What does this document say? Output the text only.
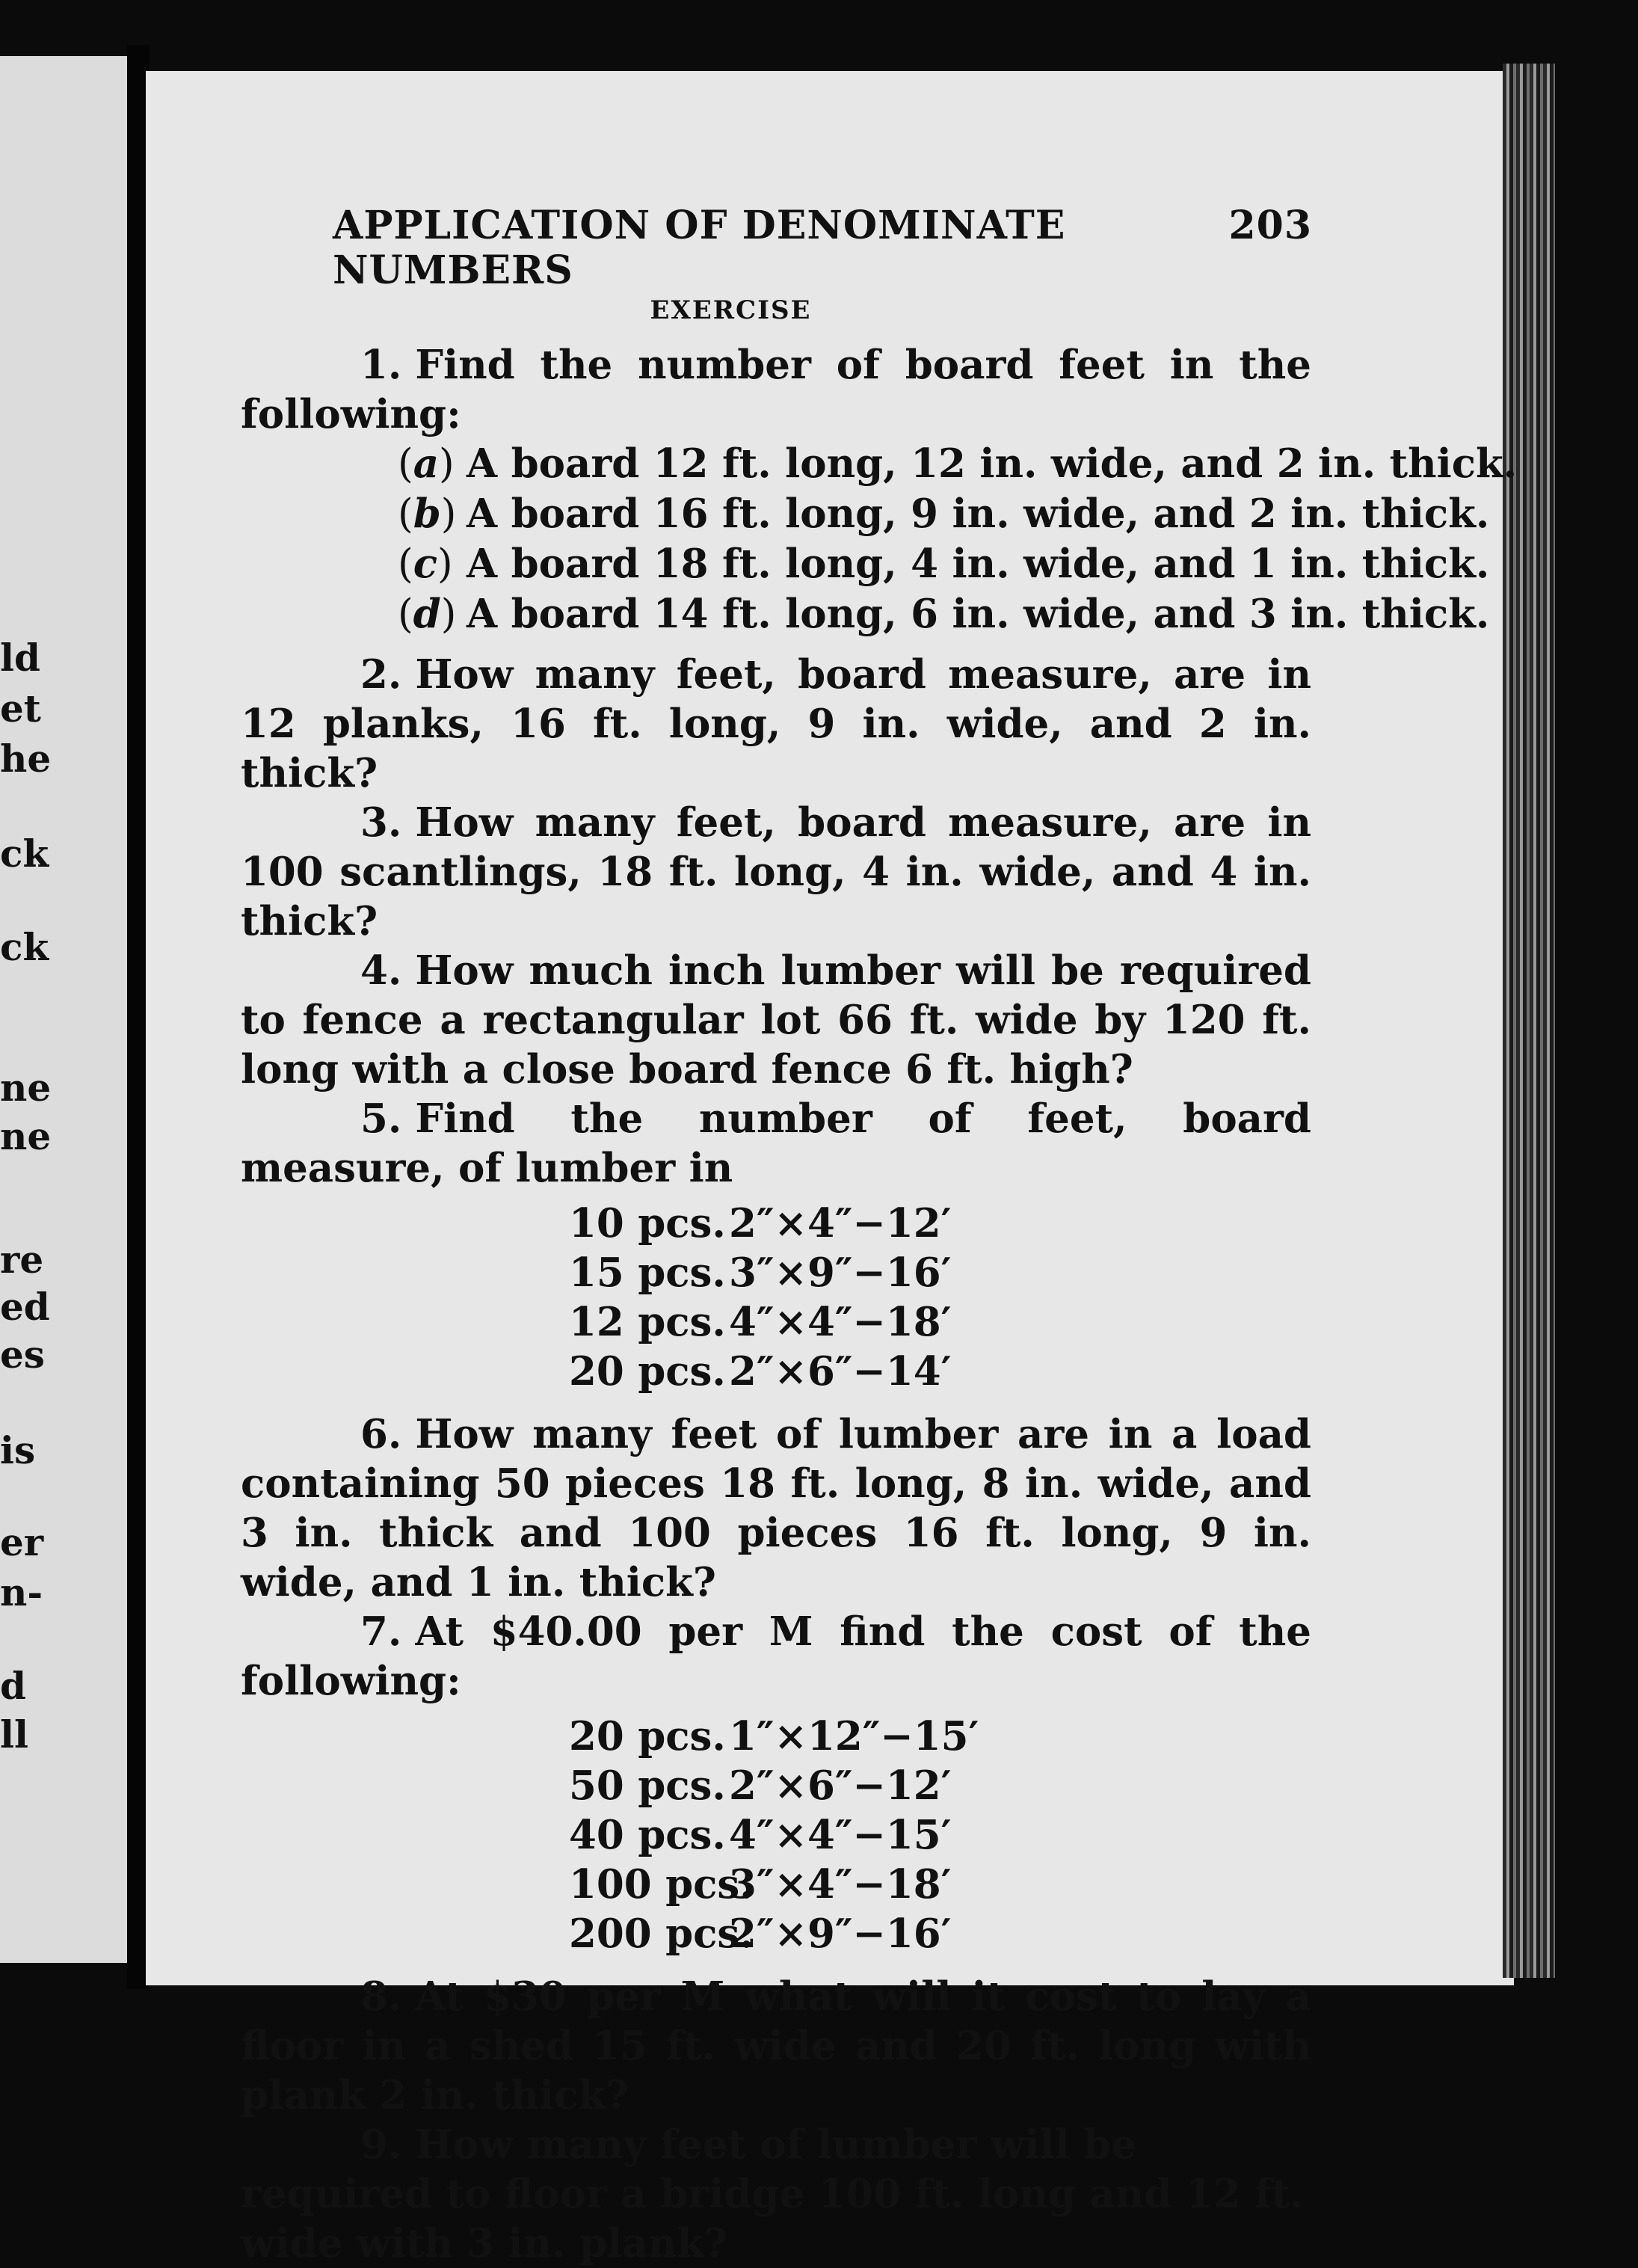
ld

et

he

ck

ck

ne

ne

re

ed

es

is

er

n-

d

ll

APPLICATION OF DENOMINATE NUMBERS
203
EXERCISE

1. Find the number of board feet in the following:

(a) A board 12 ft. long, 12 in. wide, and 2 in. thick.
(b) A board 16 ft. long, 9 in. wide, and 2 in. thick.
(c) A board 18 ft. long, 4 in. wide, and 1 in. thick.
(d) A board 14 ft. long, 6 in. wide, and 3 in. thick.

2. How many feet, board measure, are in 12 planks, 16 ft. long, 9 in. wide, and 2 in. thick?

3. How many feet, board measure, are in 100 scantlings, 18 ft. long, 4 in. wide, and 4 in. thick?

4. How much inch lumber will be required to fence a rectangular lot 66 ft. wide by 120 ft. long with a close board fence 6 ft. high?

5. Find the number of feet, board measure, of lumber in

10 pcs. 2″×4″−12′
15 pcs. 3″×9″−16′
12 pcs. 4″×4″−18′
20 pcs. 2″×6″−14′

6. How many feet of lumber are in a load containing 50 pieces 18 ft. long, 8 in. wide, and 3 in. thick and 100 pieces 16 ft. long, 9 in. wide, and 1 in. thick?

7. At $40.00 per M find the cost of the following:

20 pcs. 1″×12″−15′
50 pcs. 2″×6″−12′
40 pcs. 4″×4″−15′
100 pcs.
3″×4″−18′
200 pcs.
2″×9″−16′

8. At $30 per M what will it cost to lay a floor in a shed 15 ft. wide and 20 ft. long with plank 2 in. thick?

9. How many feet of lumber will be required to floor a bridge 100 ft. long and 12 ft. wide with 3 in. plank?
